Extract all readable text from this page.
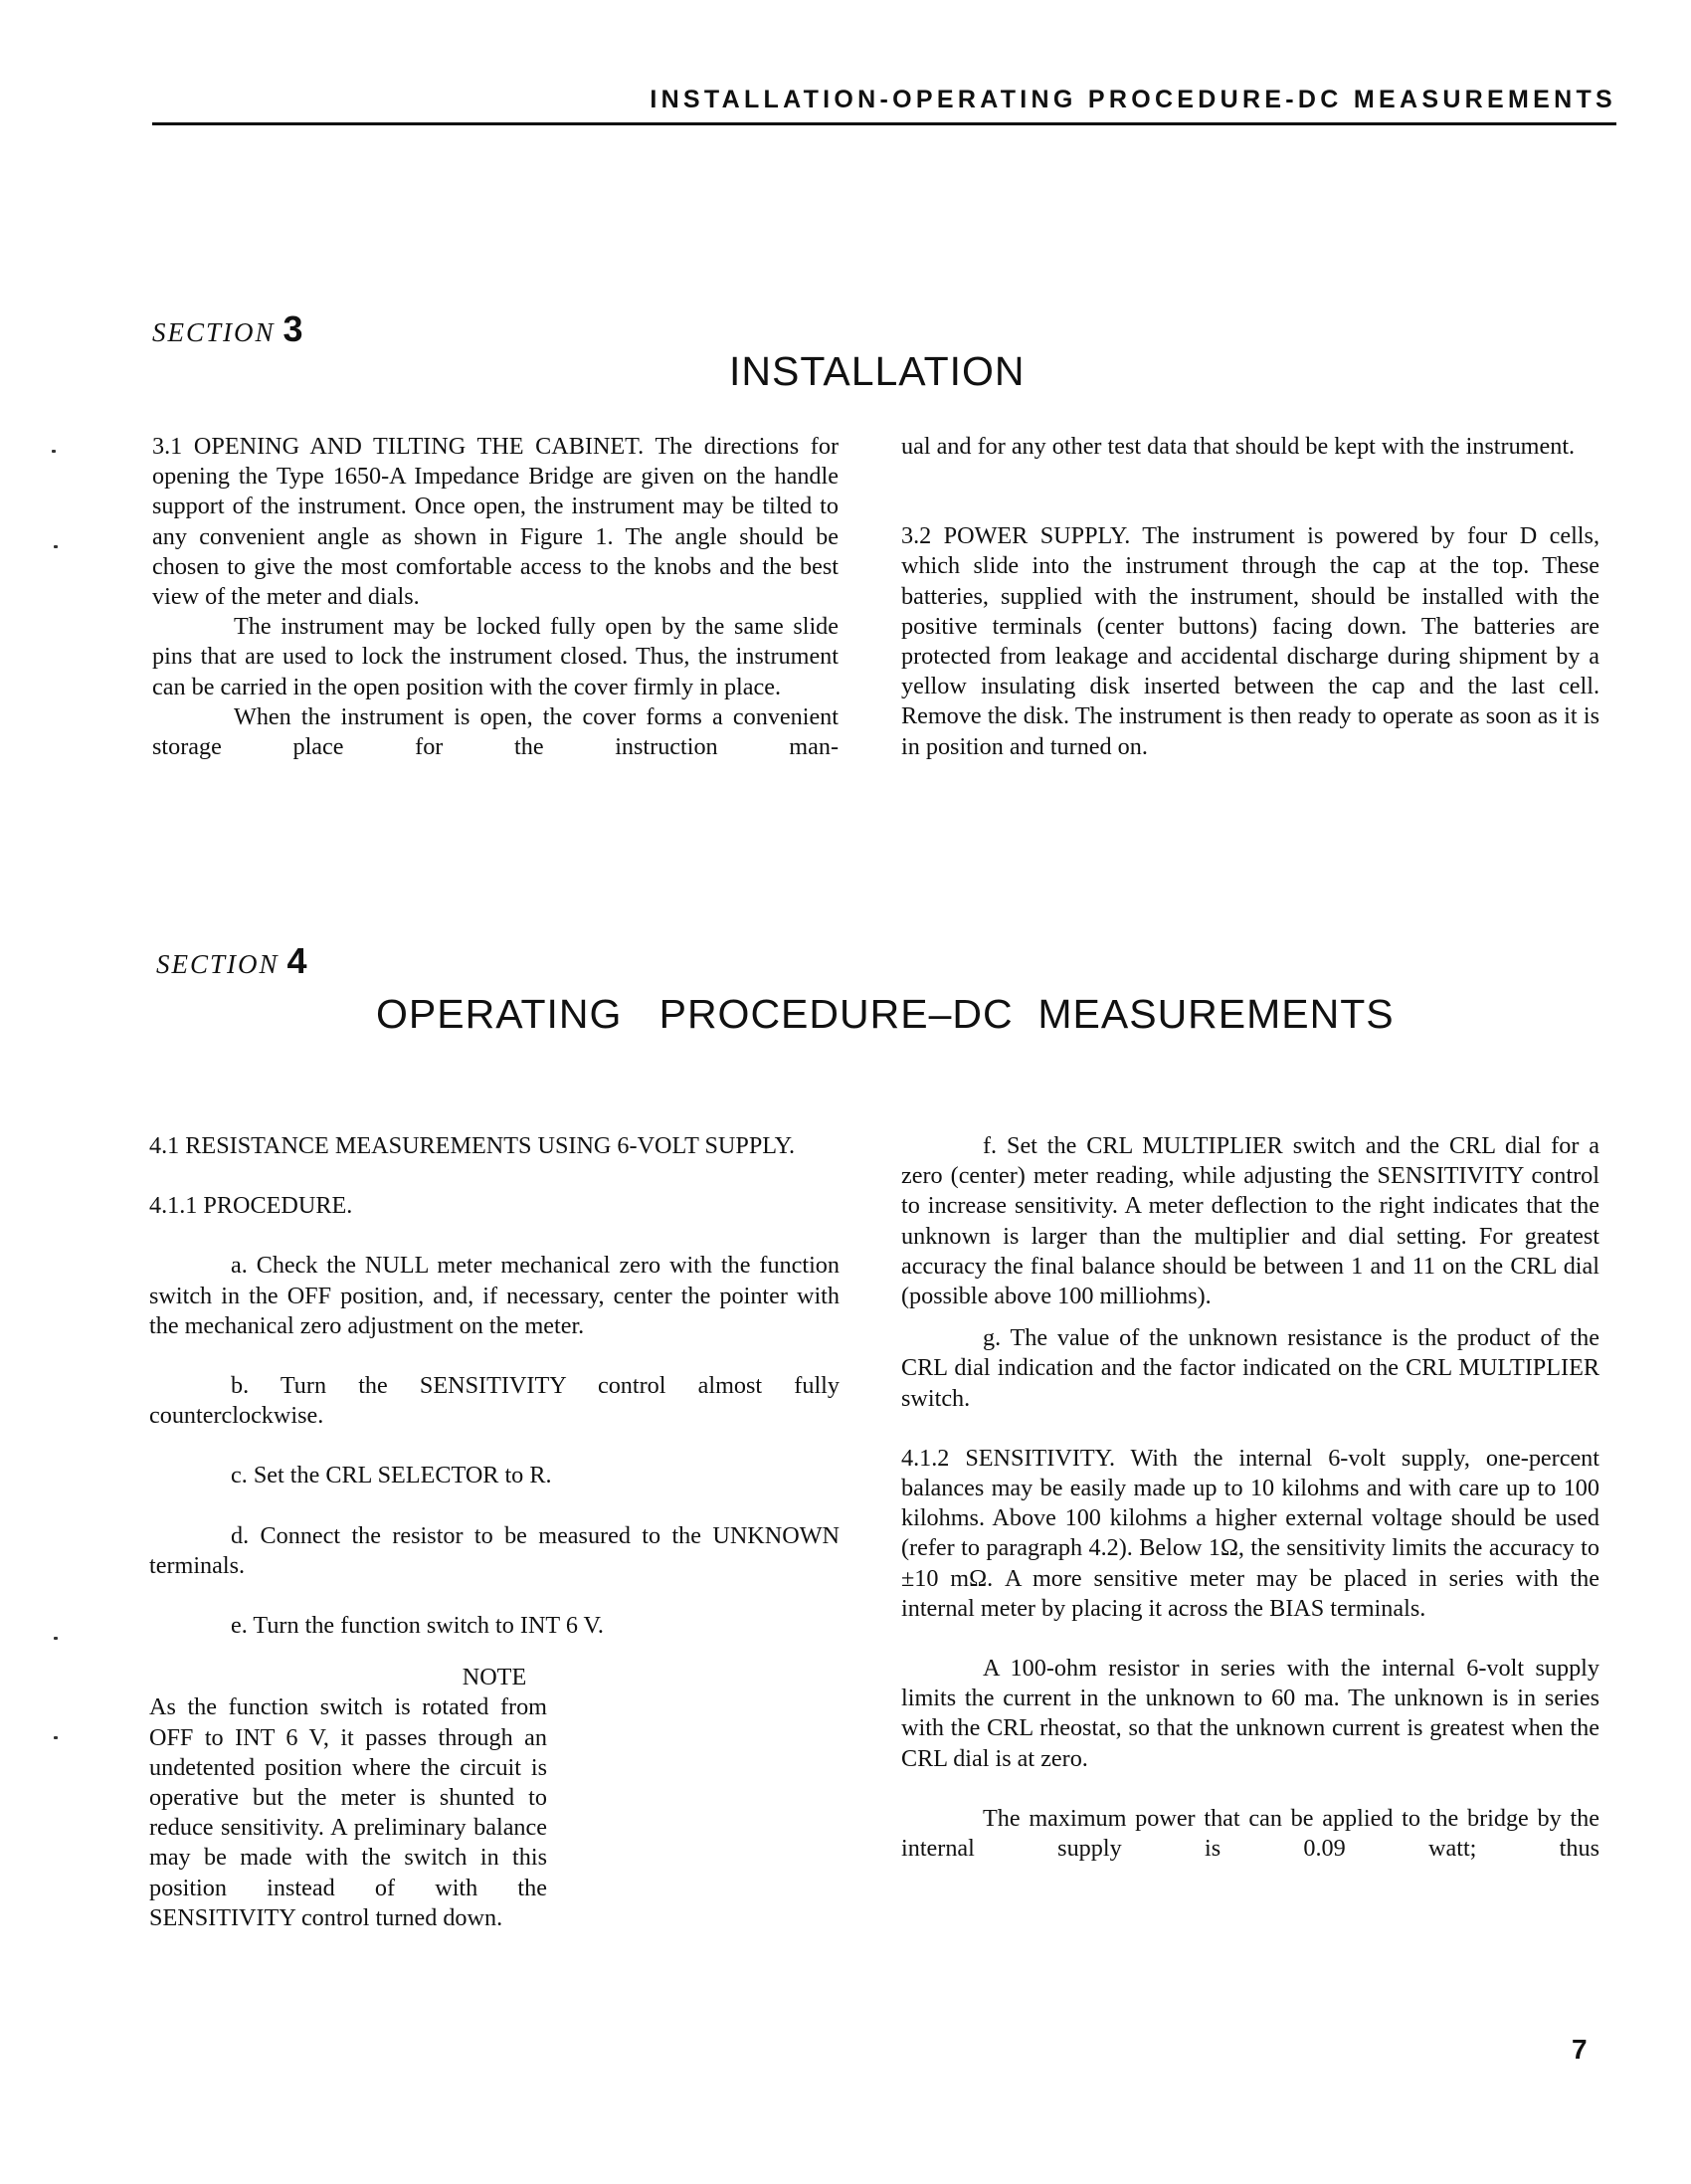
INSTALLATION-OPERATING PROCEDURE-DC MEASUREMENTS
SECTION 3
INSTALLATION

3.1 OPENING AND TILTING THE CABINET. The directions for opening the Type 1650-A Impedance Bridge are given on the handle support of the instrument. Once open, the instrument may be tilted to any convenient angle as shown in Figure 1. The angle should be chosen to give the most comfortable access to the knobs and the best view of the meter and dials.

The instrument may be locked fully open by the same slide pins that are used to lock the instrument closed. Thus, the instrument can be carried in the open position with the cover firmly in place.

When the instrument is open, the cover forms a convenient storage place for the instruction man-

ual and for any other test data that should be kept with the instrument.

3.2 POWER SUPPLY. The instrument is powered by four D cells, which slide into the instrument through the cap at the top. These batteries, supplied with the instrument, should be installed with the positive terminals (center buttons) facing down. The batteries are protected from leakage and accidental discharge during shipment by a yellow insulating disk inserted between the cap and the last cell. Remove the disk. The instrument is then ready to operate as soon as it is in position and turned on.

SECTION 4
OPERATING   PROCEDURE–DC  MEASUREMENTS

4.1 RESISTANCE MEASUREMENTS USING 6-VOLT SUPPLY.

4.1.1 PROCEDURE.

a. Check the NULL meter mechanical zero with the function switch in the OFF position, and, if necessary, center the pointer with the mechanical zero adjustment on the meter.

b. Turn the SENSITIVITY control almost fully counterclockwise.

c. Set the CRL SELECTOR to R.

d. Connect the resistor to be measured to the UNKNOWN terminals.

e. Turn the function switch to INT 6 V.

NOTE

As the function switch is rotated from OFF to INT 6 V, it passes through an undetented position where the circuit is operative but the meter is shunted to reduce sensitivity. A preliminary balance may be made with the switch in this position instead of with the SENSITIVITY control turned down.

f. Set the CRL MULTIPLIER switch and the CRL dial for a zero (center) meter reading, while adjusting the SENSITIVITY control to increase sensitivity. A meter deflection to the right indicates that the unknown is larger than the multiplier and dial setting. For greatest accuracy the final balance should be between 1 and 11 on the CRL dial (possible above 100 milliohms).

g. The value of the unknown resistance is the product of the CRL dial indication and the factor indicated on the CRL MULTIPLIER switch.

4.1.2 SENSITIVITY. With the internal 6-volt supply, one-percent balances may be easily made up to 10 kilohms and with care up to 100 kilohms. Above 100 kilohms a higher external voltage should be used (refer to paragraph 4.2). Below 1Ω, the sensitivity limits the accuracy to ±10 mΩ. A more sensitive meter may be placed in series with the internal meter by placing it across the BIAS terminals.

A 100-ohm resistor in series with the internal 6-volt supply limits the current in the unknown to 60 ma. The unknown is in series with the CRL rheostat, so that the unknown current is greatest when the CRL dial is at zero.

The maximum power that can be applied to the bridge by the internal supply is 0.09 watt; thus

7
